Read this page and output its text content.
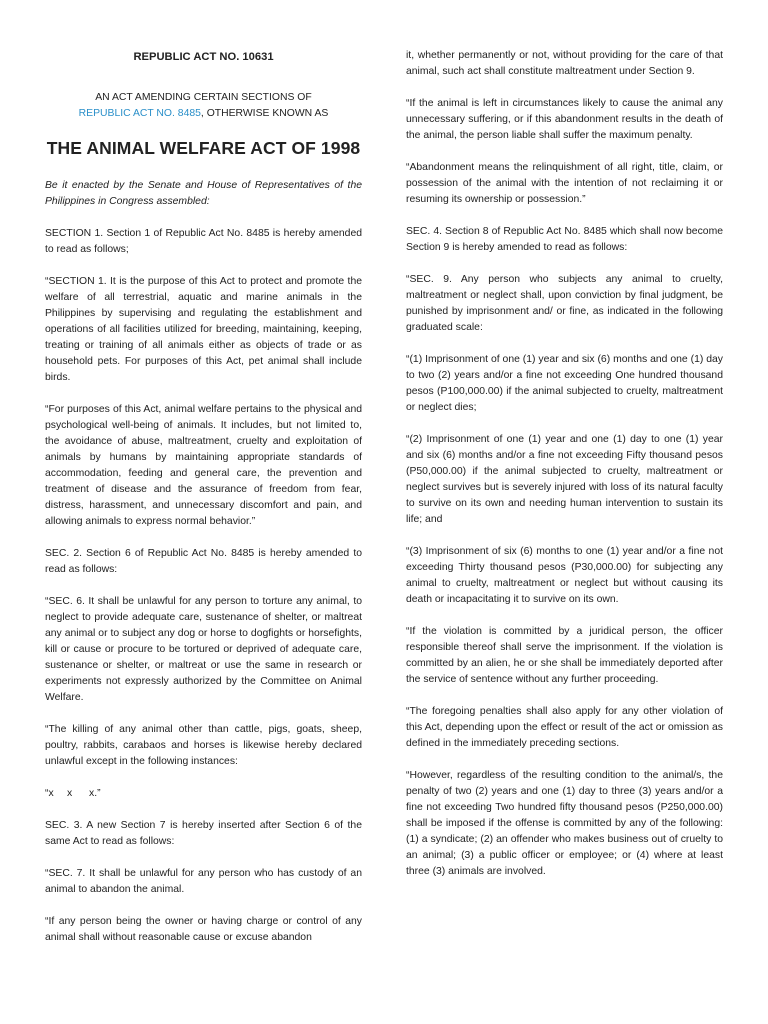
REPUBLIC ACT NO. 10631
AN ACT AMENDING CERTAIN SECTIONS OF
REPUBLIC ACT NO. 8485, OTHERWISE KNOWN AS
THE ANIMAL WELFARE ACT OF 1998

Be it enacted by the Senate and House of Representatives of the Philippines in Congress assembled:

SECTION 1. Section 1 of Republic Act No. 8485 is hereby amended to read as follows;

“SECTION 1. It is the purpose of this Act to protect and promote the welfare of all terrestrial, aquatic and marine animals in the Philippines by supervising and regulating the establishment and operations of all facilities utilized for breeding, maintaining, keeping, treating or training of all animals either as objects of trade or as household pets. For purposes of this Act, pet animal shall include birds.

“For purposes of this Act, animal welfare pertains to the physical and psychological well-being of animals. It includes, but not limited to, the avoidance of abuse, maltreatment, cruelty and exploitation of animals by humans by maintaining appropriate standards of accommodation, feeding and general care, the prevention and treatment of disease and the assurance of freedom from fear, distress, harassment, and unnecessary discomfort and pain, and allowing animals to express normal behavior.”

SEC. 2. Section 6 of Republic Act No. 8485 is hereby amended to read as follows:

“SEC. 6. It shall be unlawful for any person to torture any animal, to neglect to provide adequate care, sustenance of shelter, or maltreat any animal or to subject any dog or horse to dogfights or horsefights, kill or cause or procure to be tortured or deprived of adequate care, sustenance or shelter, or maltreat or use the same in research or experiments not expressly authorized by the Committee on Animal Welfare.

“The killing of any animal other than cattle, pigs, goats, sheep, poultry, rabbits, carabaos and horses is likewise hereby declared unlawful except in the following instances:

“x x x.”

SEC. 3. A new Section 7 is hereby inserted after Section 6 of the same Act to read as follows:

“SEC. 7. It shall be unlawful for any person who has custody of an animal to abandon the animal.

“If any person being the owner or having charge or control of any animal shall without reasonable cause or excuse abandon

it, whether permanently or not, without providing for the care of that animal, such act shall constitute maltreatment under Section 9.

“If the animal is left in circumstances likely to cause the animal any unnecessary suffering, or if this abandonment results in the death of the animal, the person liable shall suffer the maximum penalty.

“Abandonment means the relinquishment of all right, title, claim, or possession of the animal with the intention of not reclaiming it or resuming its ownership or possession.”

SEC. 4. Section 8 of Republic Act No. 8485 which shall now become Section 9 is hereby amended to read as follows:

“SEC. 9. Any person who subjects any animal to cruelty, maltreatment or neglect shall, upon conviction by final judgment, be punished by imprisonment and/ or fine, as indicated in the following graduated scale:

“(1) Imprisonment of one (1) year and six (6) months and one (1) day to two (2) years and/or a fine not exceeding One hundred thousand pesos (P100,000.00) if the animal subjected to cruelty, maltreatment or neglect dies;

“(2) Imprisonment of one (1) year and one (1) day to one (1) year and six (6) months and/or a fine not exceeding Fifty thousand pesos (P50,000.00) if the animal subjected to cruelty, maltreatment or neglect survives but is severely injured with loss of its natural faculty to survive on its own and needing human intervention to sustain its life; and

“(3) Imprisonment of six (6) months to one (1) year and/or a fine not exceeding Thirty thousand pesos (P30,000.00) for subjecting any animal to cruelty, maltreatment or neglect but without causing its death or incapacitating it to survive on its own.

“If the violation is committed by a juridical person, the officer responsible thereof shall serve the imprisonment. If the violation is committed by an alien, he or she shall be immediately deported after the service of sentence without any further proceeding.

“The foregoing penalties shall also apply for any other violation of this Act, depending upon the effect or result of the act or omission as defined in the immediately preceding sections.

“However, regardless of the resulting condition to the animal/s, the penalty of two (2) years and one (1) day to three (3) years and/or a fine not exceeding Two hundred fifty thousand pesos (P250,000.00) shall be imposed if the offense is committed by any of the following: (1) a syndicate; (2) an offender who makes business out of cruelty to an animal; (3) a public officer or employee; or (4) where at least three (3) animals are involved.
